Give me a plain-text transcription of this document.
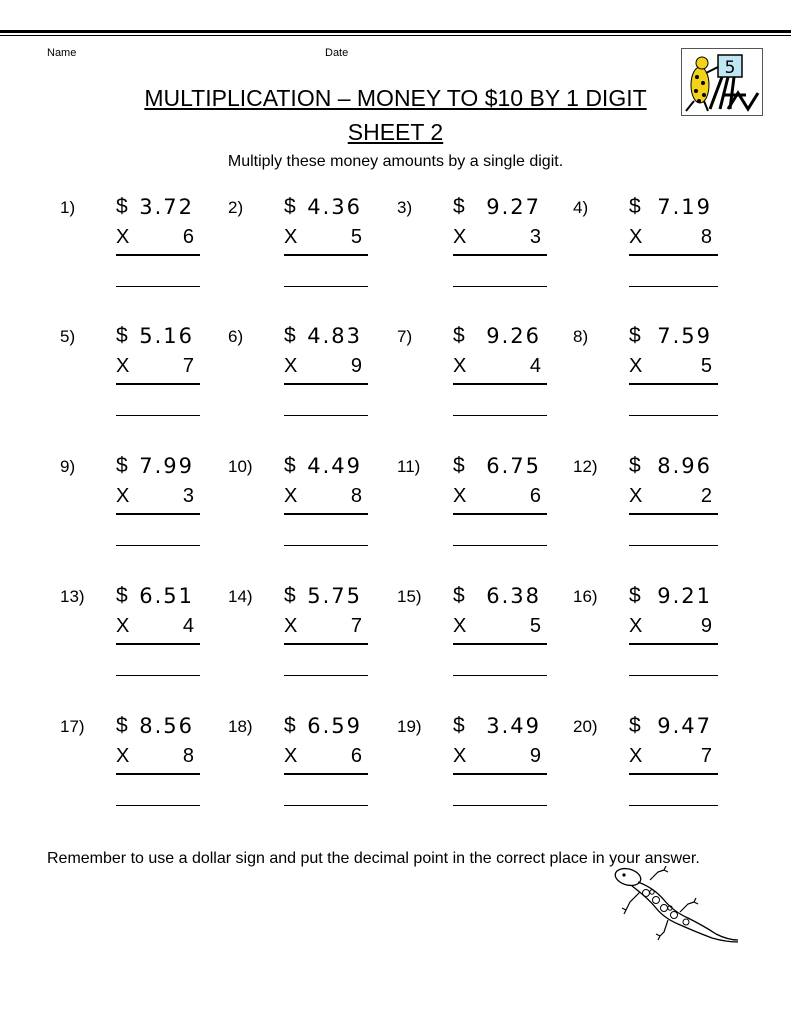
Name	Date
MULTIPLICATION – MONEY TO $10 BY 1 DIGIT
SHEET 2
Multiply these money amounts by a single digit.
5
1)	$ 3.72
X	6
2)	$ 4.36
X	5
3)	$ 9.27
X	3
4)	$ 7.19
X	8
5)	$ 5.16
X	7
6)	$ 4.83
X	9
7)	$ 9.26
X	4
8)	$ 7.59
X	5
9)	$ 7.99
X	3
10)	$ 4.49
X	8
11)	$ 6.75
X	6
12)	$ 8.96
X	2
13)	$ 6.51
X	4
14)	$ 5.75
X	7
15)	$ 6.38
X	5
16)	$ 9.21
X	9
17)	$ 8.56
X	8
18)	$ 6.59
X	6
19)	$ 3.49
X	9
20)	$ 9.47
X	7
Remember to use a dollar sign and put the decimal point in the correct place in your answer.
